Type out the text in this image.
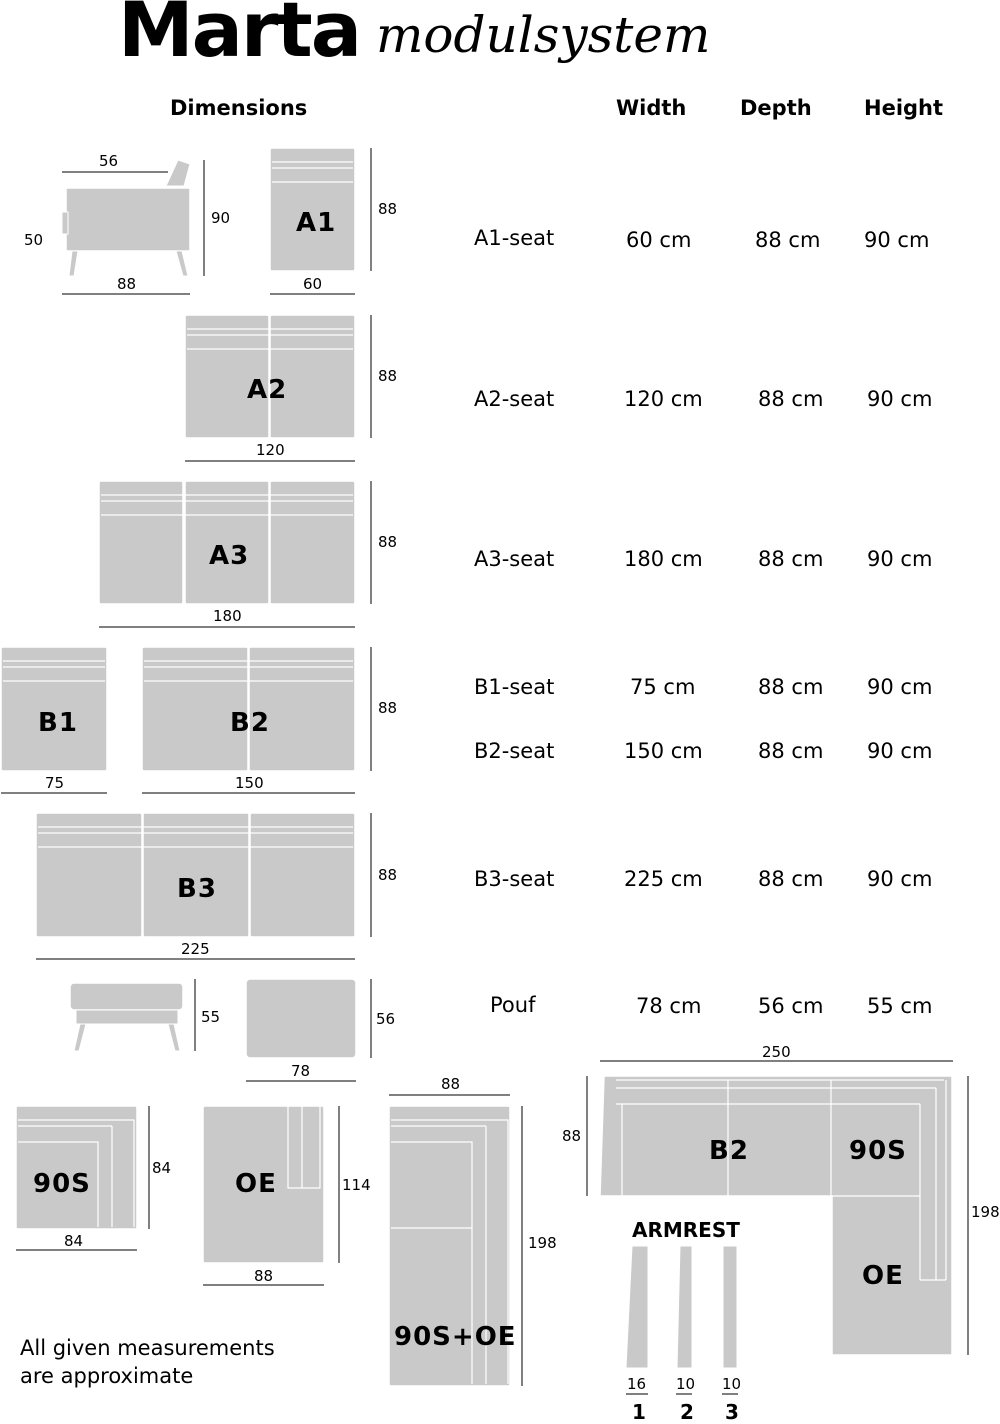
Marta modulsystem
Dimensions	Width	Depth Height
A1-seat	60 cm	88 cm 90 cm
A2-seat	120 cm	88 cm 90 cm
A3-seat	180 cm	88 cm 90 cm
B1-seat	75 cm	88 cm 90 cm
B2-seat	150 cm	88 cm 90 cm
B3-seat	225 cm	88 cm 90 cm
Pouf	78 cm	56 cm 55 cm
A1
A2
A3
B1	B2
B3
90S	OE
90S+OE
B2	90S
OE
56
50
90
88	60
88
120
88
180
88
75	150
88
225
88
55	56
78
84
84
114
88
88
198
250
88
198
ARMREST
16 10 10
1 2 3
All given measurements
are approximate
